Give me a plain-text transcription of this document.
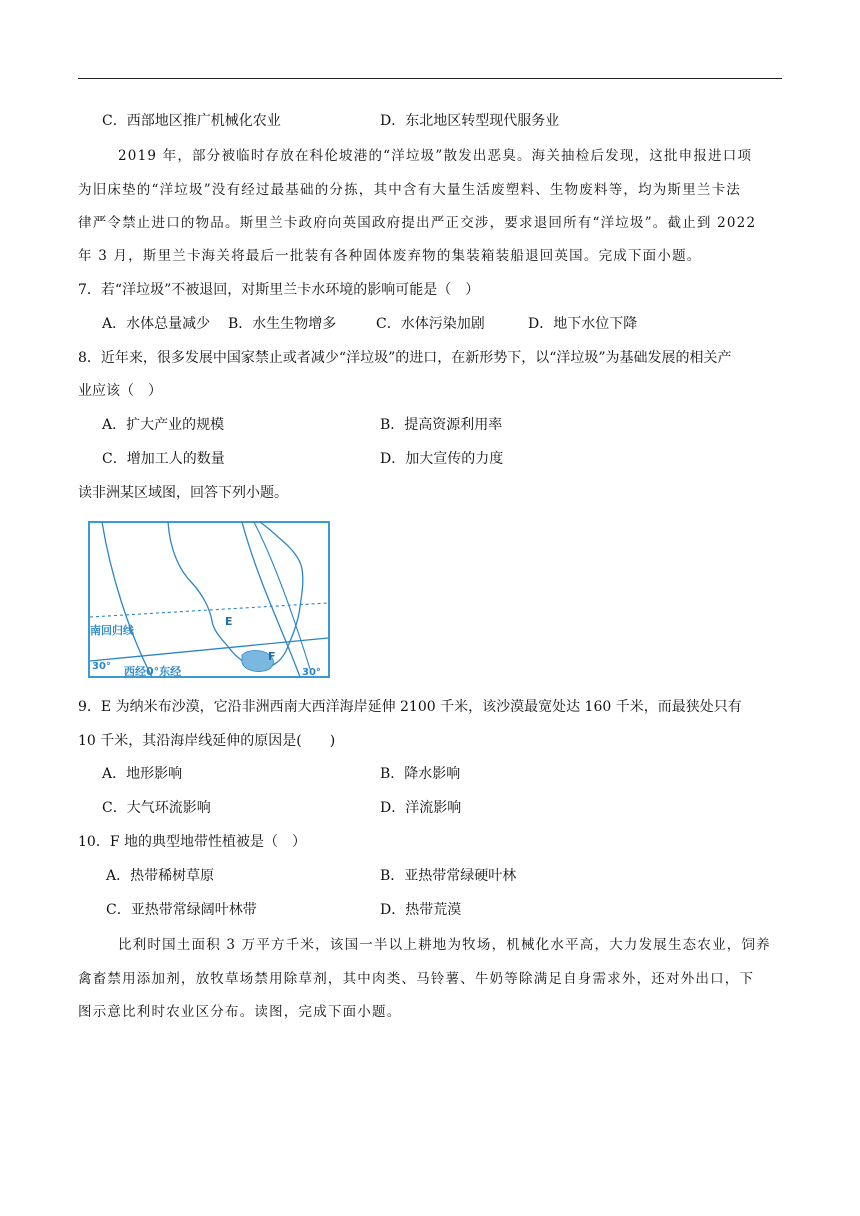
C．西部地区推广机械化农业	D．东北地区转型现代服务业
2019 年，部分被临时存放在科伦坡港的“洋垃圾”散发出恶臭。海关抽检后发现，这批申报进口项
为旧床垫的“洋垃圾”没有经过最基础的分拣，其中含有大量生活废塑料、生物废料等，均为斯里兰卡法
律严令禁止进口的物品。斯里兰卡政府向英国政府提出严正交涉，要求退回所有“洋垃圾”。截止到 2022
年 3 月，斯里兰卡海关将最后一批装有各种固体废弃物的集装箱装船退回英国。完成下面小题。
7．若“洋垃圾”不被退回，对斯里兰卡水环境的影响可能是（　）
A．水体总量减少 B．水生生物增多	C．水体污染加剧	D．地下水位下降
8．近年来，很多发展中国家禁止或者减少“洋垃圾”的进口，在新形势下，以“洋垃圾”为基础发展的相关产
业应该（　）
A．扩大产业的规模	B．提高资源利用率
C．增加工人的数量	D．加大宣传的力度
读非洲某区域图，回答下列小题。
南回归线
30° 西经0°东经	30°
E
F
9．E 为纳米布沙漠，它沿非洲西南大西洋海岸延伸 2100 千米，该沙漠最宽处达 160 千米，而最狭处只有
10 千米，其沿海岸线延伸的原因是(　　)
A．地形影响	B．降水影响
C．大气环流影响	D．洋流影响
10．F 地的典型地带性植被是（　）
A．热带稀树草原	B．亚热带常绿硬叶林
C．亚热带常绿阔叶林带	D．热带荒漠
比利时国土面积 3 万平方千米，该国一半以上耕地为牧场，机械化水平高，大力发展生态农业，饲养
禽畜禁用添加剂，放牧草场禁用除草剂，其中肉类、马铃薯、牛奶等除满足自身需求外，还对外出口，下
图示意比利时农业区分布。读图，完成下面小题。
